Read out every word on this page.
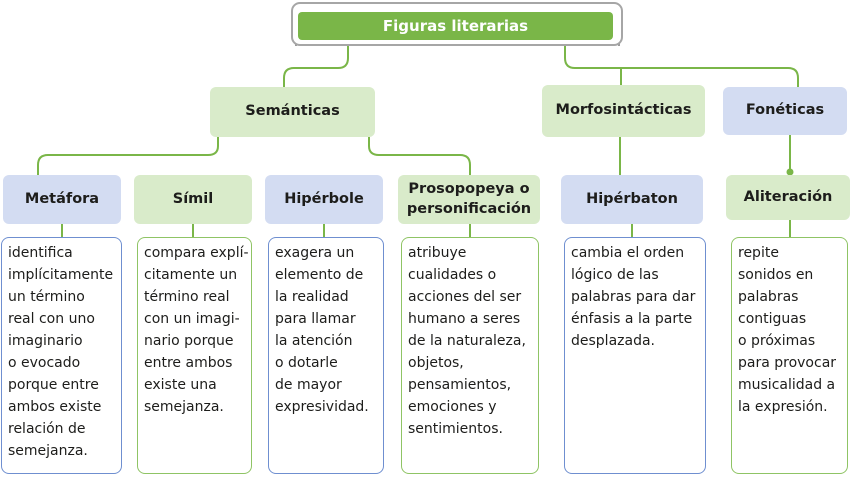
Figuras literarias
Semánticas	Morfosintácticas	Fonéticas
Metáfora	Símil	Hipérbole
Prosopopeya o
personificación
Hipérbaton	Aliteración
identifica
implícitamente
un término
real con uno
imaginario
o evocado
porque entre
ambos existe
relación de
semejanza.
compara explí-
citamente un
término real
con un imagi-
nario porque
entre ambos
existe una
semejanza.
exagera un
elemento de
la realidad
para llamar
la atención
o dotarle
de mayor
expresividad.
atribuye
cualidades o
acciones del ser
humano a seres
de la naturaleza,
objetos,
pensamientos,
emociones y
sentimientos.
cambia el orden
lógico de las
palabras para dar
énfasis a la parte
desplazada.
repite
sonidos en
palabras
contiguas
o próximas
para provocar
musicalidad a
la expresión.
